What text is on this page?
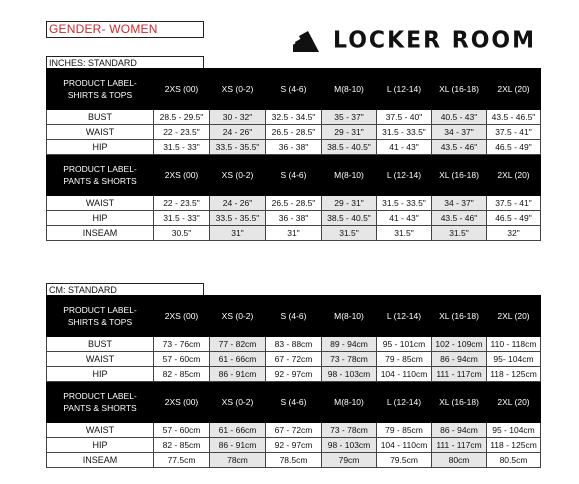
GENDER- WOMEN	LOCKER ROOM
INCHES: STANDARD
PRODUCT LABEL-
SHIRTS & TOPS	2XS (00)	XS (0-2)	S (4-6)	M(8-10)	L (12-14)	XL (16-18)	2XL (20)
BUST	28.5 - 29.5"	30 - 32"	32.5 - 34.5"	35 - 37"	37.5 - 40"	40.5 - 43"	43.5 - 46.5"
WAIST	22 - 23.5"	24 - 26"	26.5 - 28.5"	29 - 31"	31.5 - 33.5"	34 - 37"	37.5 - 41"
HIP	31.5 - 33"	33.5 - 35.5"	36 - 38"	38.5 - 40.5"	41 - 43"	43.5 - 46"	46.5 - 49"
PRODUCT LABEL-
PANTS & SHORTS	2XS (00)	XS (0-2)	S (4-6)	M(8-10)	L (12-14)	XL (16-18)	2XL (20)
WAIST	22 - 23.5"	24 - 26"	26.5 - 28.5"	29 - 31"	31.5 - 33.5"	34 - 37"	37.5 - 41"
HIP	31.5 - 33"	33.5 - 35.5"	36 - 38"	38.5 - 40.5"	41 - 43"	43.5 - 46"	46.5 - 49"
INSEAM	30.5"	31"	31"	31.5"	31.5"	31.5"	32"
CM: STANDARD
PRODUCT LABEL-
SHIRTS & TOPS	2XS (00)	XS (0-2)	S (4-6)	M(8-10)	L (12-14)	XL (16-18)	2XL (20)
BUST	73 - 76cm	77 - 82cm	83 - 88cm	89 - 94cm	95 - 101cm	102 - 109cm	110 - 118cm
WAIST	57 - 60cm	61 - 66cm	67 - 72cm	73 - 78cm	79 - 85cm	86 - 94cm	95- 104cm
HIP	82 - 85cm	86 - 91cm	92 - 97cm	98 - 103cm	104 - 110cm	111 - 117cm	118 - 125cm
PRODUCT LABEL-
PANTS & SHORTS	2XS (00)	XS (0-2)	S (4-6)	M(8-10)	L (12-14)	XL (16-18)	2XL (20)
WAIST	57 - 60cm	61 - 66cm	67 - 72cm	73 - 78cm	79 - 85cm	86 - 94cm	95 - 104cm
HIP	82 - 85cm	86 - 91cm	92 - 97cm	98 - 103cm	104 - 110cm	111 - 117cm	118 - 125cm
INSEAM	77.5cm	78cm	78.5cm	79cm	79.5cm	80cm	80.5cm
